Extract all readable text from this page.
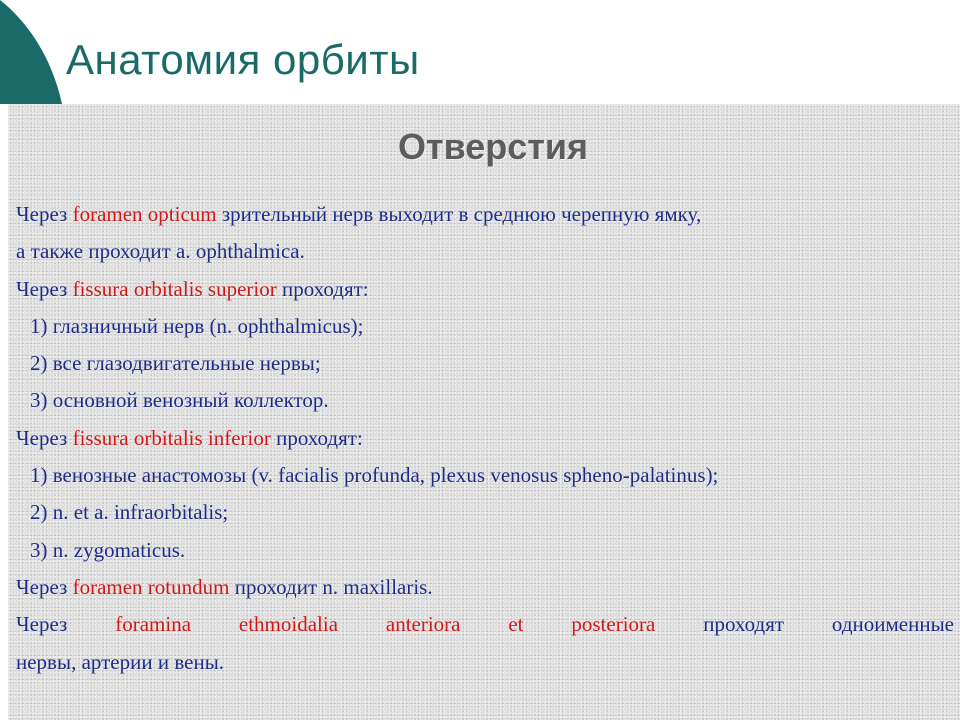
Анатомия орбиты
Отверстия
Через foramen opticum зрительный нерв выходит в среднюю черепную ямку,
а также проходит a. ophthalmica.
Через fissura orbitalis superior проходят:
1) глазничный нерв (n. ophthalmicus);
2) все глазодвигательные нервы;
3) основной венозный коллектор.
Через fissura orbitalis inferior проходят:
1) венозные анастомозы (v. facialis profunda, plexus venosus spheno-palatinus);
2) n. et a. infraorbitalis;
3) n. zygomaticus.
Через foramen rotundum проходит n. maxillaris.
Через foramina ethmoidalia anteriora et posteriora проходят одноименные
нервы, артерии и вены.
